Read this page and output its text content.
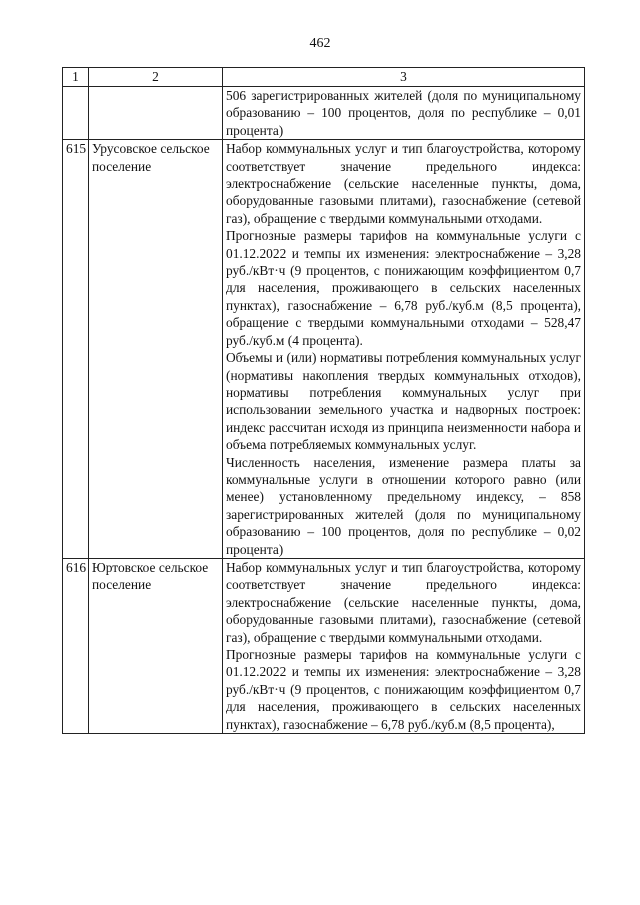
462
1	2	3

		506 зарегистрированных жителей (доля по муниципальному образованию – 100 процентов, доля по республике – 0,01 процента)

615	Урусовское сельское поселение	Набор коммунальных услуг и тип благоустройства, которому соответствует значение предельного индекса: электроснабжение (сельские населенные пункты, дома, оборудованные газовыми плитами), газоснабжение (сетевой газ), обращение с твердыми коммунальными отходами.

Прогнозные размеры тарифов на коммунальные услуги с 01.12.2022 и темпы их изменения: электроснабжение – 3,28 руб./кВт·ч (9 процентов, с понижающим коэффициентом 0,7 для населения, проживающего в сельских населенных пунктах), газоснабжение – 6,78 руб./куб.м (8,5 процента), обращение с твердыми коммунальными отходами – 528,47 руб./куб.м (4 процента).

Объемы и (или) нормативы потребления коммунальных услуг (нормативы накопления твердых коммунальных отходов), нормативы потребления коммунальных услуг при использовании земельного участка и надворных построек: индекс рассчитан исходя из принципа неизменности набора и объема потребляемых коммунальных услуг.

Численность населения, изменение размера платы за коммунальные услуги в отношении которого равно (или менее) установленному предельному индексу, – 858 зарегистрированных жителей (доля по муниципальному образованию – 100 процентов, доля по республике – 0,02 процента)

616	Юртовское сельское поселение	Набор коммунальных услуг и тип благоустройства, которому соответствует значение предельного индекса: электроснабжение (сельские населенные пункты, дома, оборудованные газовыми плитами), газоснабжение (сетевой газ), обращение с твердыми коммунальными отходами.

Прогнозные размеры тарифов на коммунальные услуги с 01.12.2022 и темпы их изменения: электроснабжение – 3,28 руб./кВт·ч (9 процентов, с понижающим коэффициентом 0,7 для населения, проживающего в сельских населенных пунктах), газоснабжение – 6,78 руб./куб.м (8,5 процента),
